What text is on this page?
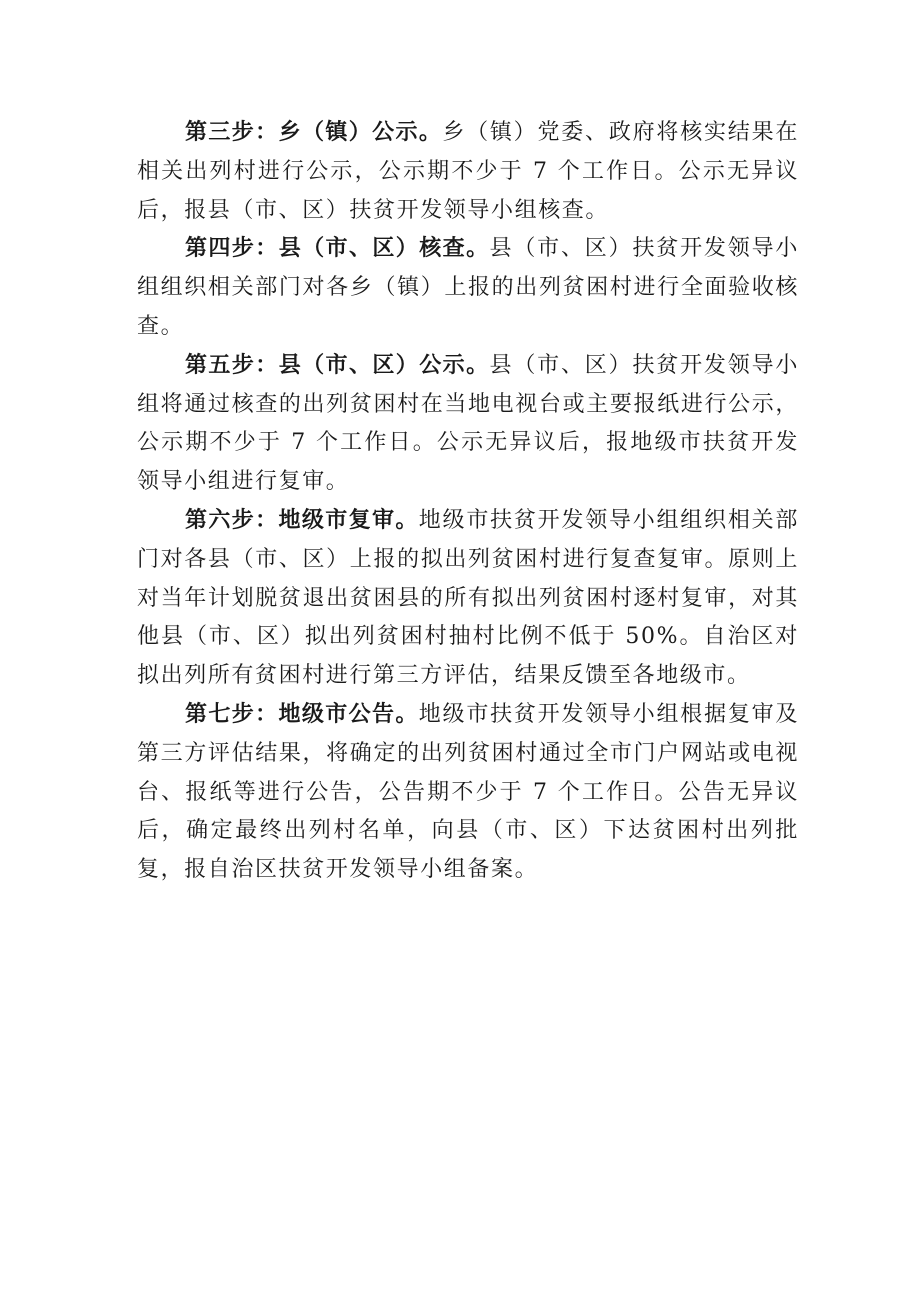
第三步：乡（镇）公示。乡（镇）党委、政府将核实结果在相关出列村进行公示，公示期不少于 7 个工作日。公示无异议后，报县（市、区）扶贫开发领导小组核查。

第四步：县（市、区）核查。县（市、区）扶贫开发领导小组组织相关部门对各乡（镇）上报的出列贫困村进行全面验收核查。

第五步：县（市、区）公示。县（市、区）扶贫开发领导小组将通过核查的出列贫困村在当地电视台或主要报纸进行公示，公示期不少于 7 个工作日。公示无异议后，报地级市扶贫开发领导小组进行复审。

第六步：地级市复审。地级市扶贫开发领导小组组织相关部门对各县（市、区）上报的拟出列贫困村进行复查复审。原则上对当年计划脱贫退出贫困县的所有拟出列贫困村逐村复审，对其他县（市、区）拟出列贫困村抽村比例不低于 50%。自治区对拟出列所有贫困村进行第三方评估，结果反馈至各地级市。

第七步：地级市公告。地级市扶贫开发领导小组根据复审及第三方评估结果，将确定的出列贫困村通过全市门户网站或电视台、报纸等进行公告，公告期不少于 7 个工作日。公告无异议后，确定最终出列村名单，向县（市、区）下达贫困村出列批复，报自治区扶贫开发领导小组备案。
